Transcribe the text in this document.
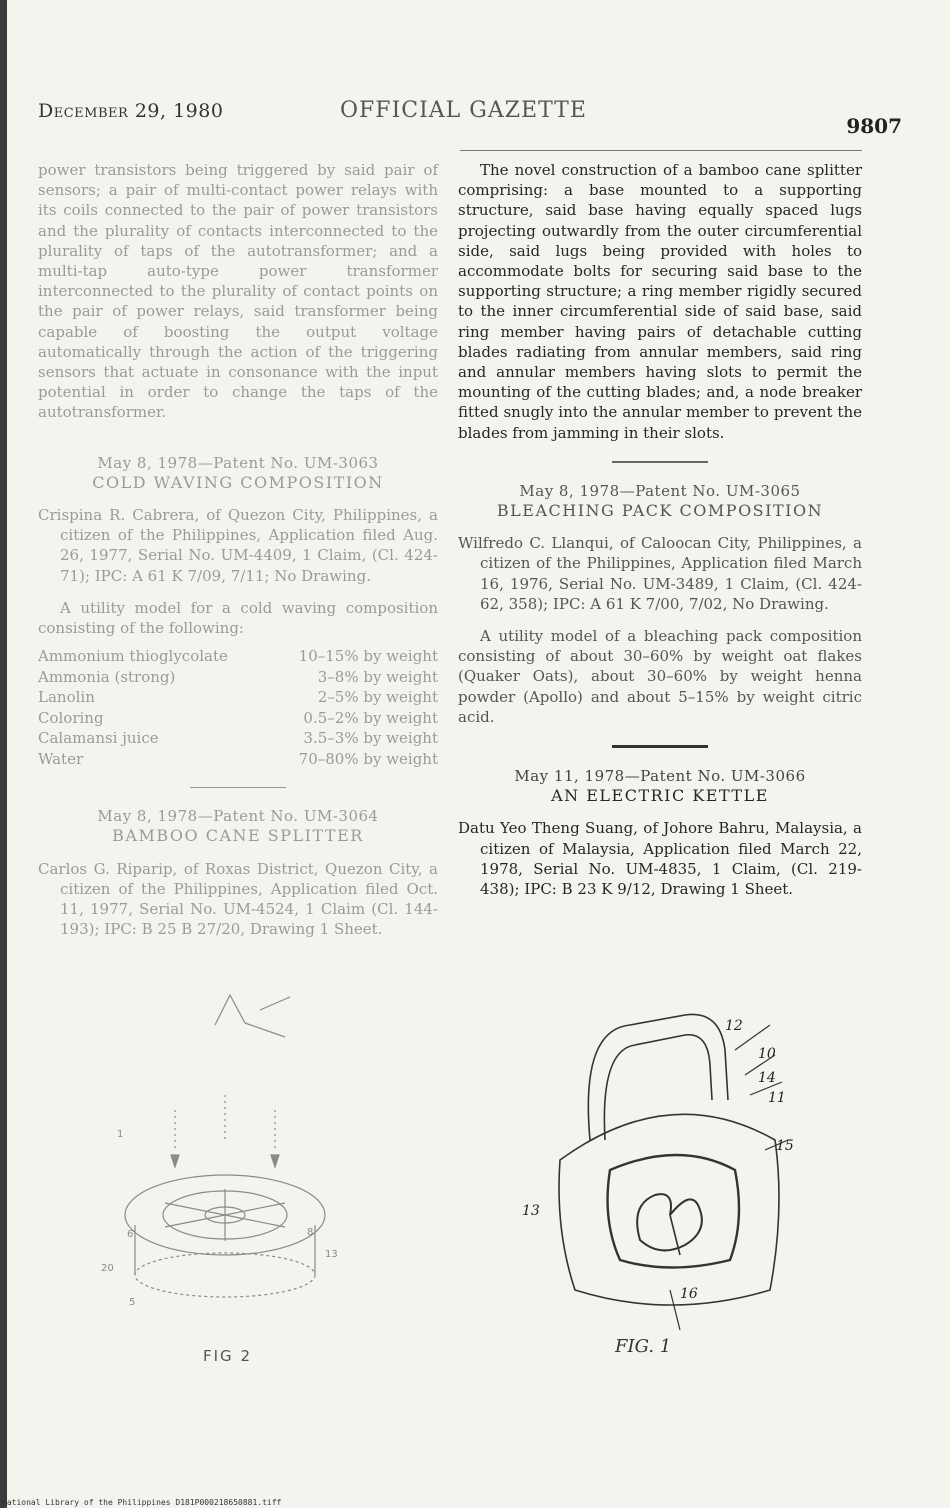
December 29, 1980	OFFICIAL GAZETTE
9807

power transistors being triggered by said pair of sensors; a pair of multi-contact power relays with its coils connected to the pair of power transistors and the plurality of contacts interconnected to the plurality of taps of the autotransformer; and a multi-tap auto-type power transformer interconnected to the plurality of contact points on the pair of power relays, said transformer being capable of boosting the output voltage automatically through the action of the triggering sensors that actuate in consonance with the input potential in order to change the taps of the autotransformer.

May 8, 1978—Patent No. UM-3063

COLD WAVING COMPOSITION

Crispina R. Cabrera, of Quezon City, Philippines, a citizen of the Philippines, Application filed Aug. 26, 1977, Serial No. UM-4409, 1 Claim, (Cl. 424-71); IPC: A 61 K 7/09, 7/11; No Drawing.

A utility model for a cold waving composition consisting of the following:

Ammonium thioglycolate	10–15% by weight
Ammonia (strong)	3–8% by weight
Lanolin	2–5% by weight
Coloring	0.5–2% by weight
Calamansi juice	3.5–3% by weight
Water	70–80% by weight

May 8, 1978—Patent No. UM-3064

BAMBOO CANE SPLITTER

Carlos G. Riparip, of Roxas District, Quezon City, a citizen of the Philippines, Application filed Oct. 11, 1977, Serial No. UM-4524, 1 Claim (Cl. 144-193); IPC: B 25 B 27/20, Drawing 1 Sheet.

20
6	8
13
5
1
FIG 2

The novel construction of a bamboo cane splitter comprising: a base mounted to a supporting structure, said base having equally spaced lugs projecting outwardly from the outer circumferential side, said lugs being provided with holes to accommodate bolts for securing said base to the supporting structure; a ring member rigidly secured to the inner circumferential side of said base, said ring member having pairs of detachable cutting blades radiating from annular members, said ring and annular members having slots to permit the mounting of the cutting blades; and, a node breaker fitted snugly into the annular member to prevent the blades from jamming in their slots.

May 8, 1978—Patent No. UM-3065

BLEACHING PACK COMPOSITION

Wilfredo C. Llanqui, of Caloocan City, Philippines, a citizen of the Philippines, Application filed March 16, 1976, Serial No. UM-3489, 1 Claim, (Cl. 424-62, 358); IPC: A 61 K 7/00, 7/02, No Drawing.

A utility model of a bleaching pack composition consisting of about 30–60% by weight oat flakes (Quaker Oats), about 30–60% by weight henna powder (Apollo) and about 5–15% by weight citric acid.

May 11, 1978—Patent No. UM-3066

AN ELECTRIC KETTLE

Datu Yeo Theng Suang, of Johore Bahru, Malaysia, a citizen of Malaysia, Application filed March 22, 1978, Serial No. UM-4835, 1 Claim, (Cl. 219-438); IPC: B 23 K 9/12, Drawing 1 Sheet.

12
10
14
11
15
13
16
FIG. 1
National Library of the Philippines D181P000218650881.tiff
